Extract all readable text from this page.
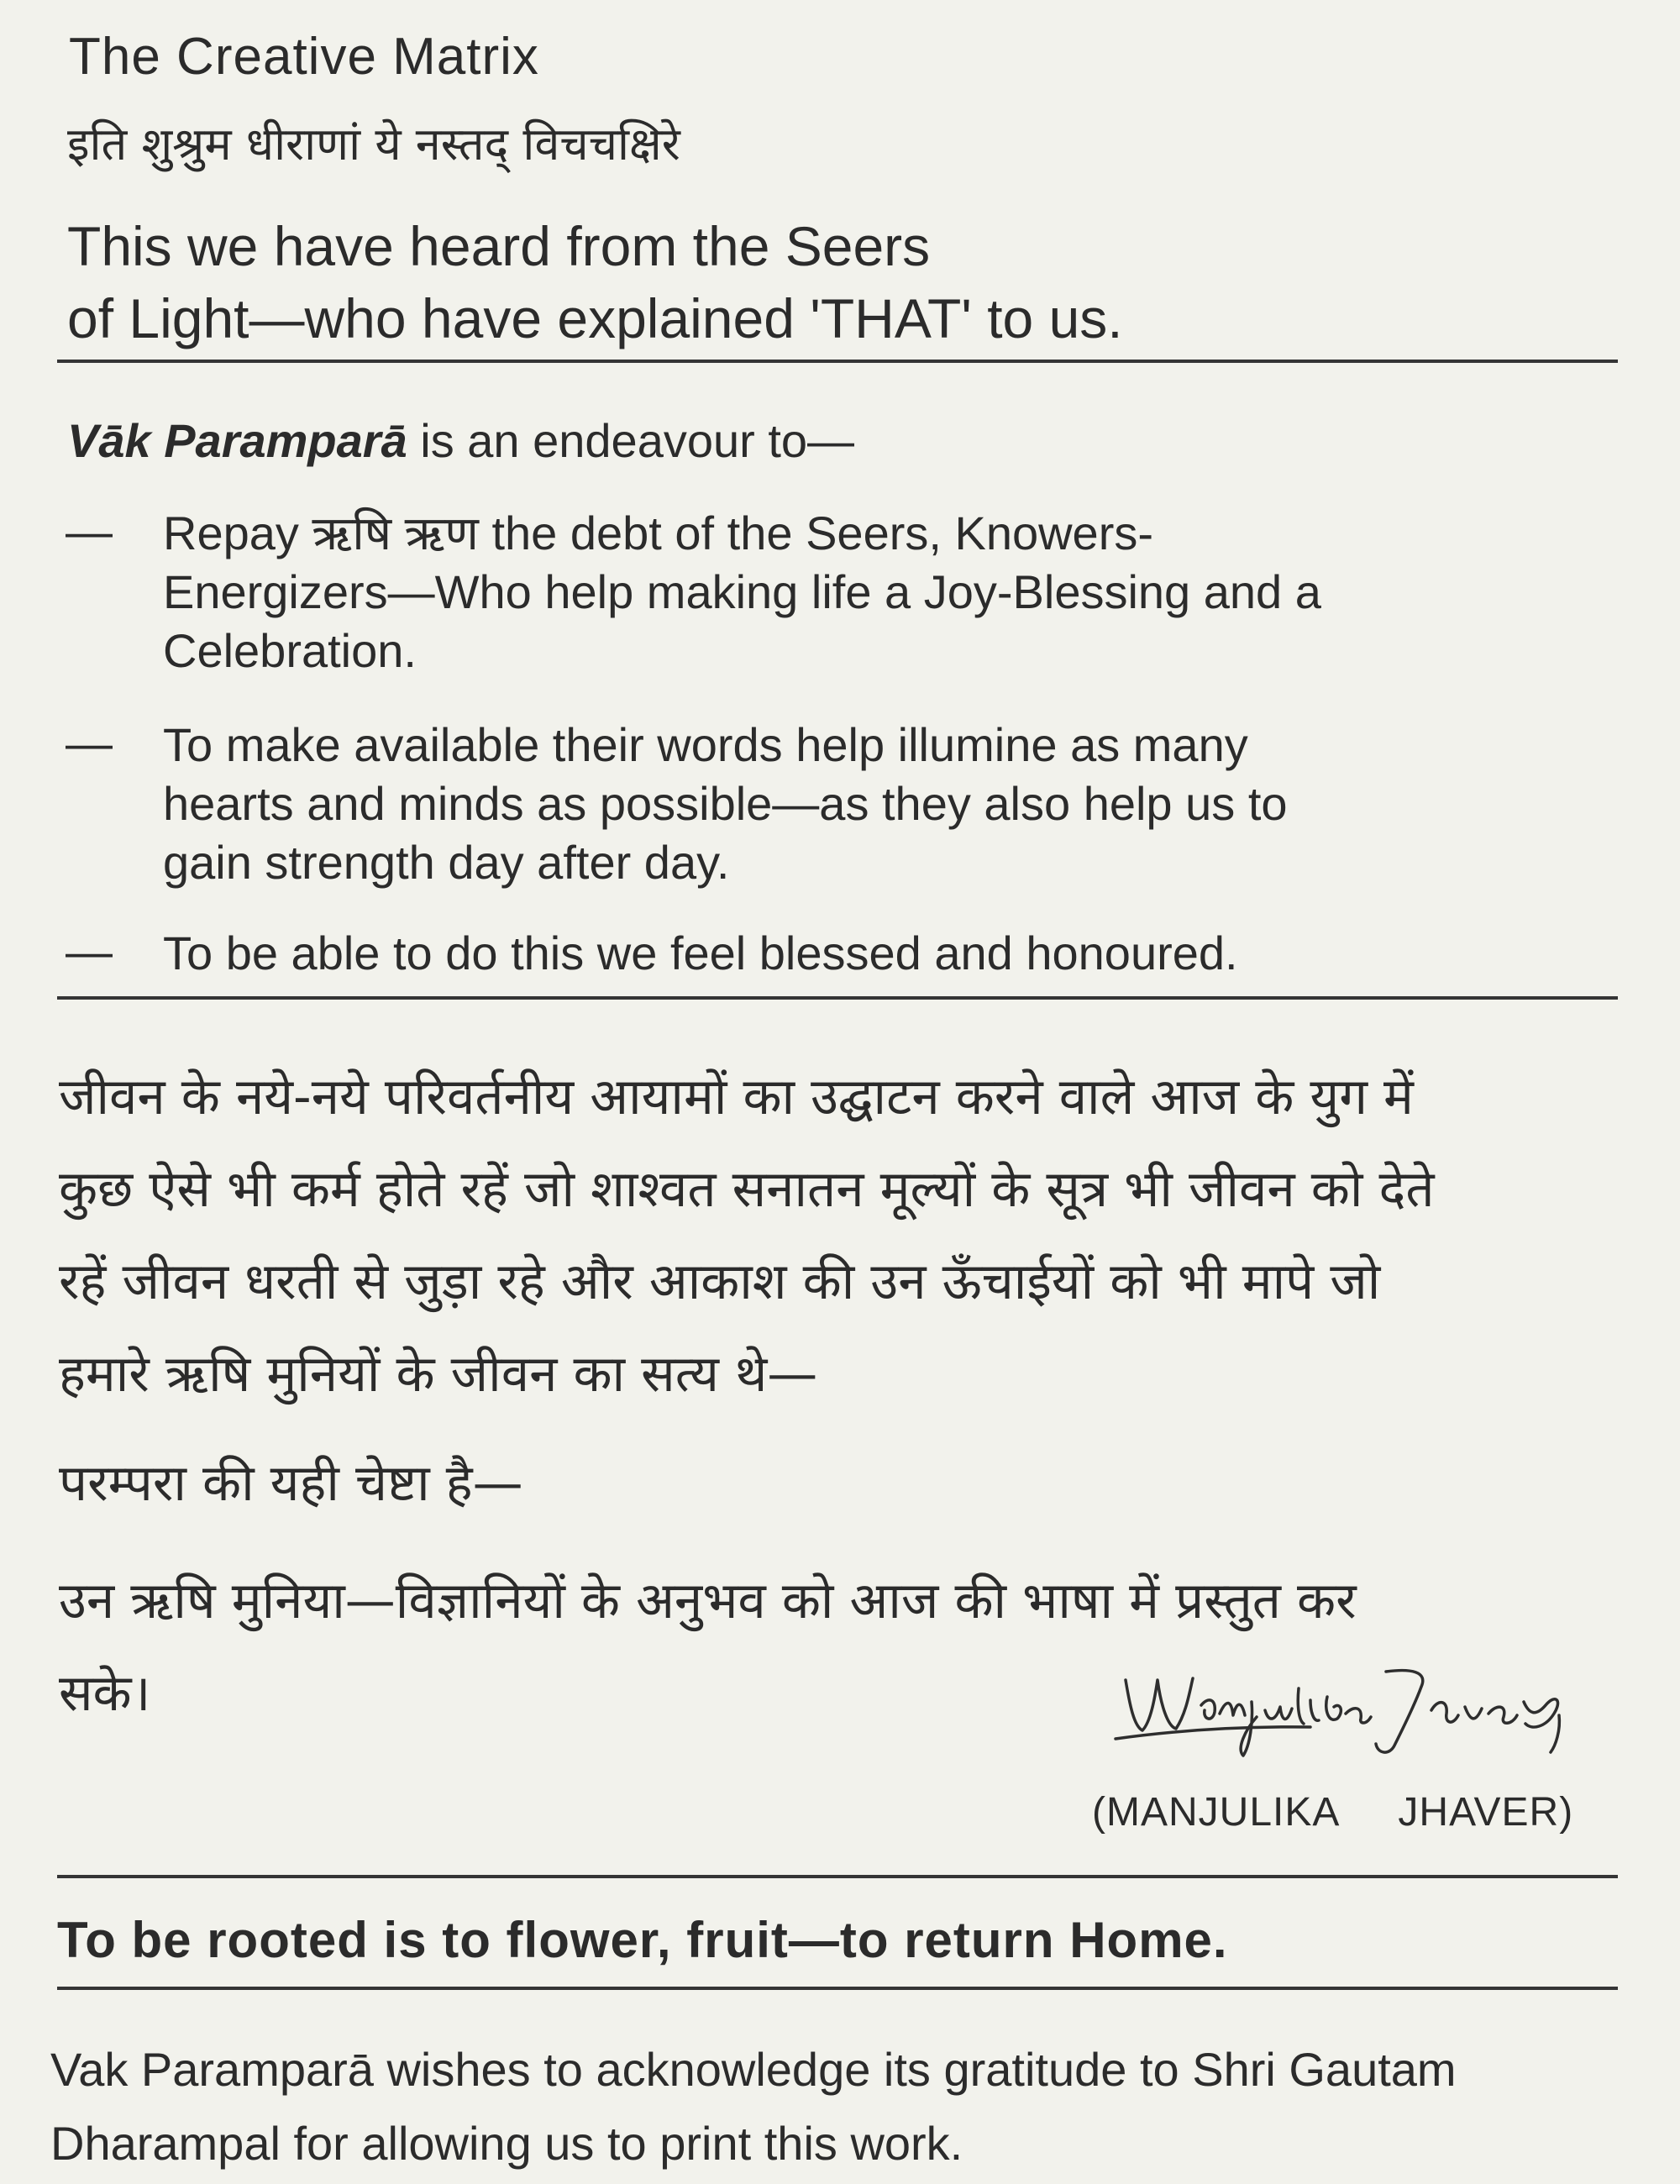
The Creative Matrix
इति शुश्रुम धीराणां ये नस्तद् विचचक्षिरे
This we have heard from the Seers
of Light—who have explained 'THAT' to us.
Vāk Paramparā is an endeavour to—
— Repay ऋषि ऋण the debt of the Seers, Knowers-
Energizers—Who help making life a Joy-Blessing and a
Celebration.
— To make available their words help illumine as many
hearts and minds as possible—as they also help us to
gain strength day after day.
— To be able to do this we feel blessed and honoured.
जीवन के नये-नये परिवर्तनीय आयामों का उद्घाटन करने वाले आज के युग में
कुछ ऐसे भी कर्म होते रहें जो शाश्वत सनातन मूल्यों के सूत्र भी जीवन को देते
रहें जीवन धरती से जुड़ा रहे और आकाश की उन ऊँचाईयों को भी मापे जो
हमारे ऋषि मुनियों के जीवन का सत्य थे—
परम्परा की यही चेष्टा है—
उन ऋषि मुनिया—विज्ञानियों के अनुभव को आज की भाषा में प्रस्तुत कर
सके।
(MANJULIKA     JHAVER)
To be rooted is to flower, fruit—to return Home.
Vak Paramparā wishes to acknowledge its gratitude to Shri Gautam Dharampal for allowing us to print this work.
